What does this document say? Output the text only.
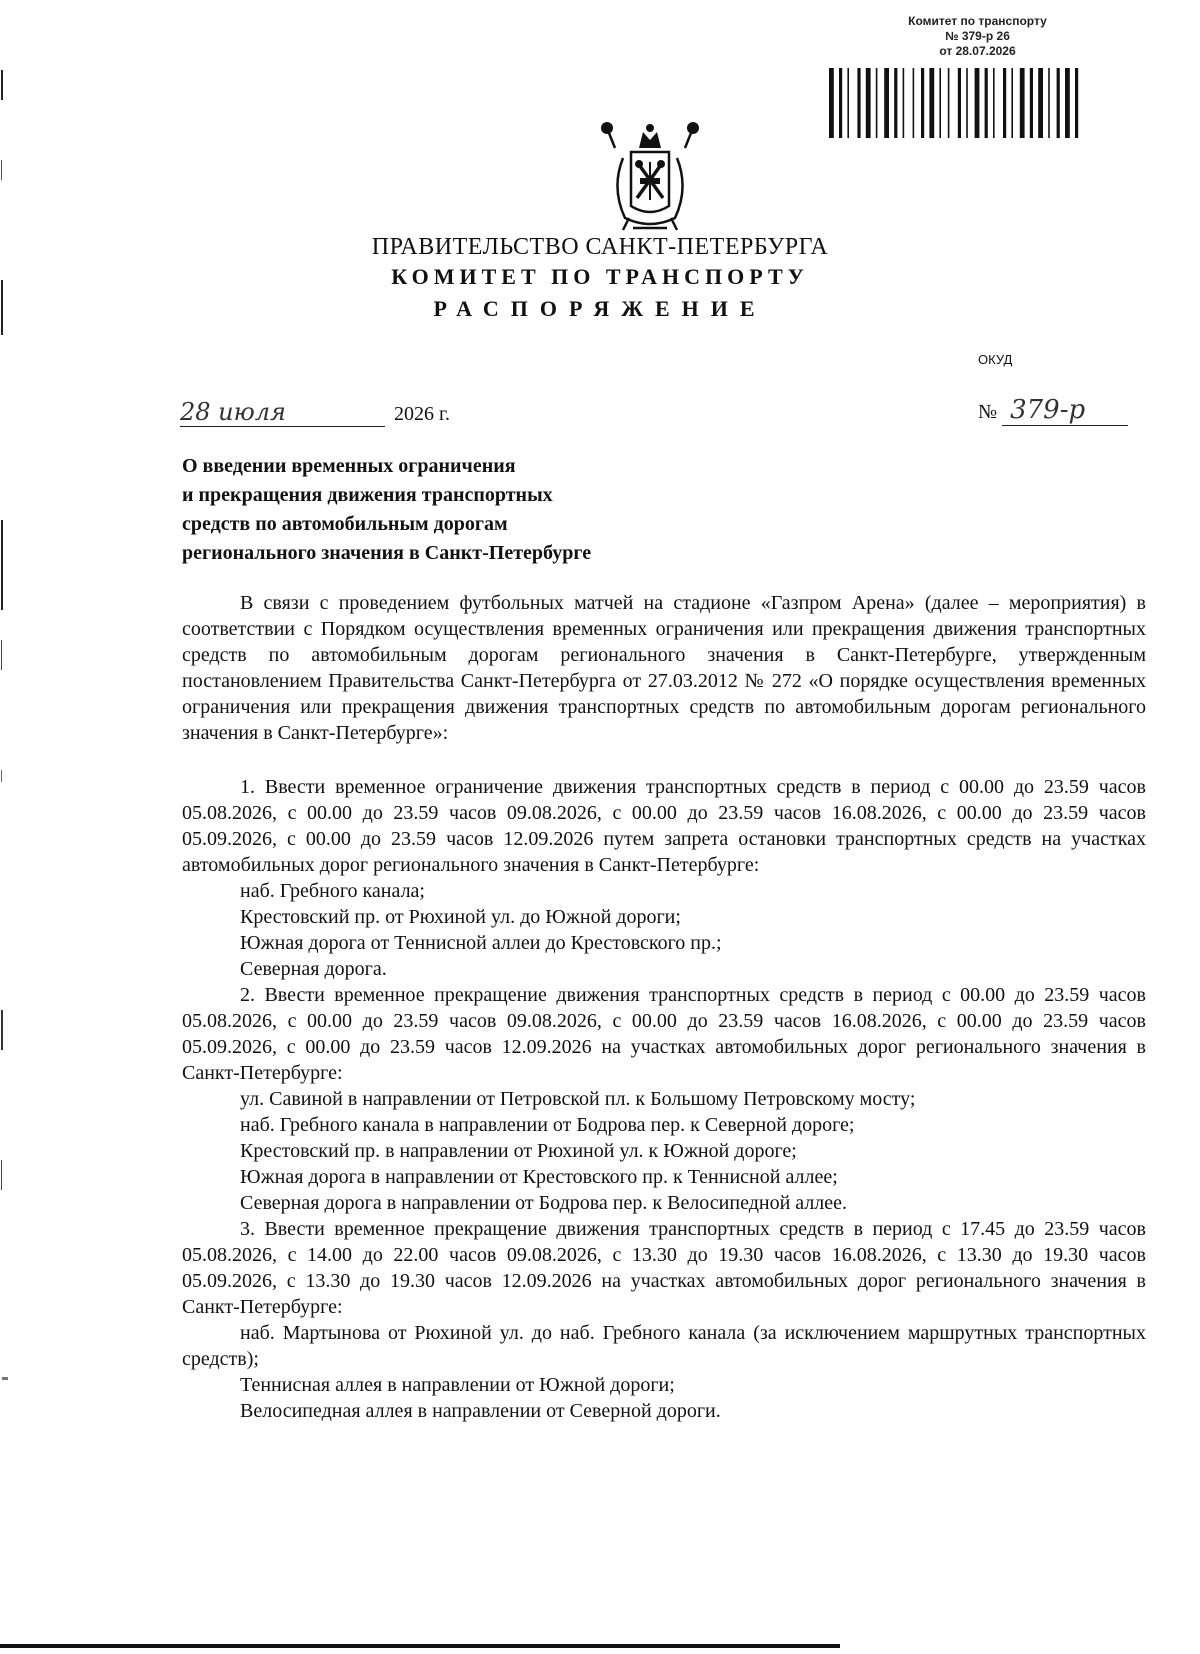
Комитет по транспорту
№ 379-р 26
от 28.07.2026
ПРАВИТЕЛЬСТВО САНКТ-ПЕТЕРБУРГА
КОМИТЕТ ПО ТРАНСПОРТУ
РАСПОРЯЖЕНИЕ
ОКУД
28 июля	2026 г.	№ 379-р
О введении временных ограничения
и прекращения движения транспортных
средств по автомобильным дорогам
регионального значения в Санкт-Петербурге

В связи с проведением футбольных матчей на стадионе «Газпром Арена» (далее – мероприятия) в соответствии с Порядком осуществления временных ограничения или прекращения движения транспортных средств по автомобильным дорогам регионального значения в Санкт-Петербурге, утвержденным постановлением Правительства Санкт-Петербурга от 27.03.2012 № 272 «О порядке осуществления временных ограничения или прекращения движения транспортных средств по автомобильным дорогам регионального значения в Санкт-Петербурге»:

1. Ввести временное ограничение движения транспортных средств в период с 00.00 до 23.59 часов 05.08.2026, с 00.00 до 23.59 часов 09.08.2026, с 00.00 до 23.59 часов 16.08.2026, с 00.00 до 23.59 часов 05.09.2026, с 00.00 до 23.59 часов 12.09.2026 путем запрета остановки транспортных средств на участках автомобильных дорог регионального значения в Санкт-Петербурге:

наб. Гребного канала;

Крестовский пр. от Рюхиной ул. до Южной дороги;

Южная дорога от Теннисной аллеи до Крестовского пр.;

Северная дорога.

2. Ввести временное прекращение движения транспортных средств в период с 00.00 до 23.59 часов 05.08.2026, с 00.00 до 23.59 часов 09.08.2026, с 00.00 до 23.59 часов 16.08.2026, с 00.00 до 23.59 часов 05.09.2026, с 00.00 до 23.59 часов 12.09.2026 на участках автомобильных дорог регионального значения в Санкт-Петербурге:

ул. Савиной в направлении от Петровской пл. к Большому Петровскому мосту;

наб. Гребного канала в направлении от Бодрова пер. к Северной дороге;

Крестовский пр. в направлении от Рюхиной ул. к Южной дороге;

Южная дорога в направлении от Крестовского пр. к Теннисной аллее;

Северная дорога в направлении от Бодрова пер. к Велосипедной аллее.

3. Ввести временное прекращение движения транспортных средств в период с 17.45 до 23.59 часов 05.08.2026, с 14.00 до 22.00 часов 09.08.2026, с 13.30 до 19.30 часов 16.08.2026, с 13.30 до 19.30 часов 05.09.2026, с 13.30 до 19.30 часов 12.09.2026 на участках автомобильных дорог регионального значения в Санкт-Петербурге:

наб. Мартынова от Рюхиной ул. до наб. Гребного канала (за исключением маршрутных транспортных средств);

Теннисная аллея в направлении от Южной дороги;

Велосипедная аллея в направлении от Северной дороги.
